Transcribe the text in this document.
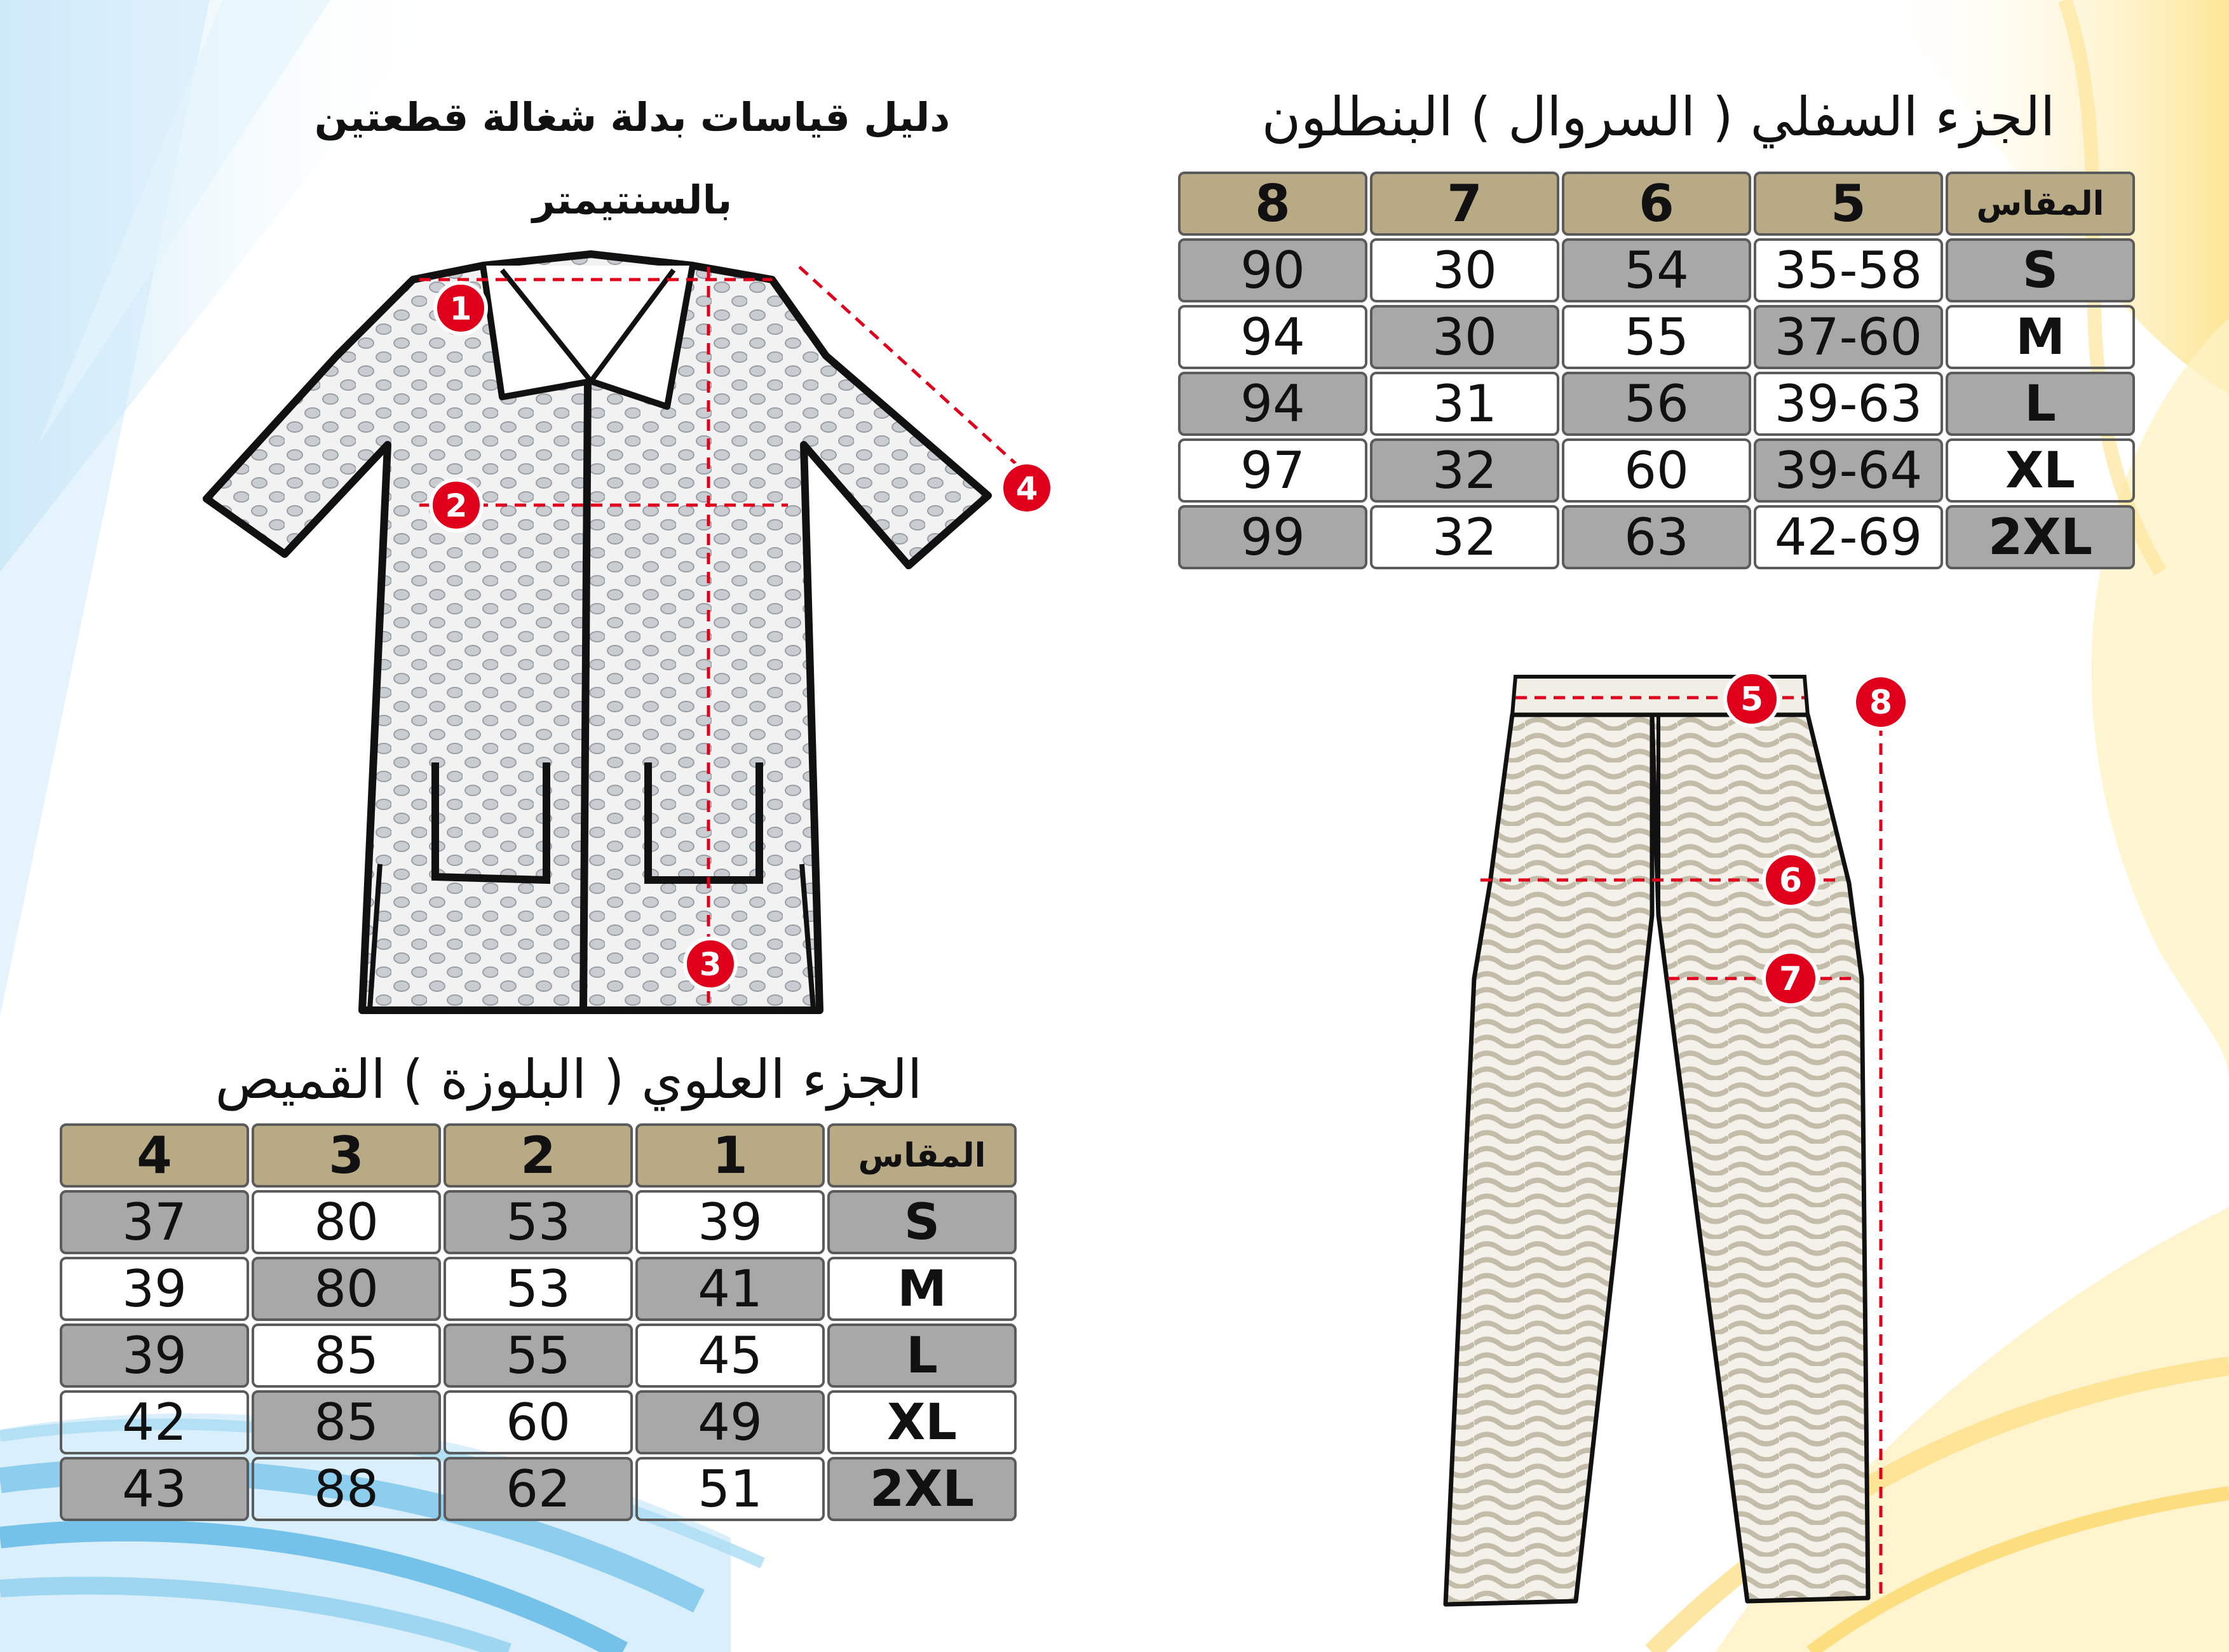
دليل قياسات بدلة شغالة قطعتين
بالسنتيمتر
الجزء السفلي ( السروال ) البنطلون
الجزء العلوي ( البلوزة ) القميص
8	7	6	5	المقاس
90	30	54	35-58	S
94	30	55	37-60	M
94	31	56	39-63	L
97	32	60	39-64	XL
99	32	63	42-69	2XL
4	3	2	1	المقاس
37	80	53	39	S
39	80	53	41	M
39	85	55	45	L
42	85	60	49	XL
43	88	62	51	2XL
1
2
3
4
5
6
7
8
